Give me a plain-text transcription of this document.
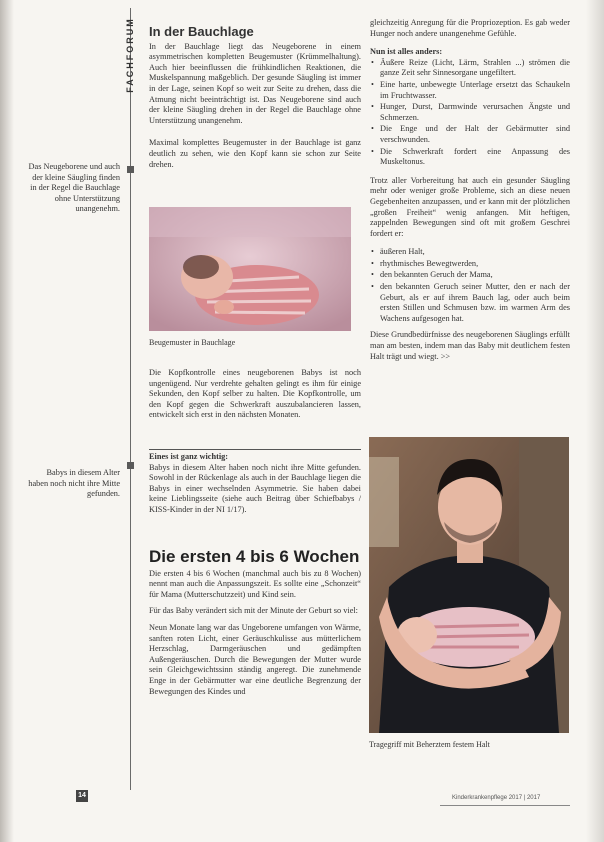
FACHFORUM
Das Neugeborene und auch der kleine Säugling finden in der Regel die Bauchlage ohne Unterstützung unangenehm.
Babys in diesem Alter haben noch nicht ihre Mitte gefunden.
In der Bauchlage

In der Bauchlage liegt das Neugeborene in einem asymmetrischen kompletten Beugemuster (Krümmelhaltung). Auch hier beeinflussen die frühkindlichen Reaktionen, die Muskelspannung maßgeblich. Der gesunde Säugling ist immer in der Lage, seinen Kopf so weit zur Seite zu drehen, dass die Atmung nicht beeinträchtigt ist. Das Neugeborene sind auch der kleine Säugling drehen in der Regel die Bauchlage ohne Unterstützung unangenehm.

Maximal komplettes Beugemuster in der Bauchlage ist ganz deutlich zu sehen, wie den Kopf kann sie schon zur Seite drehen.

Beugemuster in Bauchlage

Die Kopfkontrolle eines neugeborenen Babys ist noch ungenügend. Nur verdrehte gehalten gelingt es ihm für einige Sekunden, den Kopf selber zu halten. Die Kopfkontrolle, um den Kopf gegen die Schwerkraft auszubalancieren lassen, entwickelt sich erst in den nächsten Monaten.

Eines ist ganz wichtig:

Babys in diesem Alter haben noch nicht ihre Mitte gefunden. Sowohl in der Rückenlage als auch in der Bauchlage liegen die Babys in einer wechselnden Asymmetrie. Sie haben dabei keine Lieblingsseite (siehe auch Beitrag über Schiefbabys / KISS-Kinder in der NI 1/17).

Die ersten 4 bis 6 Wochen

Die ersten 4 bis 6 Wochen (manchmal auch bis zu 8 Wochen) nennt man auch die Anpassungszeit. Es sollte eine „Schonzeit“ für Mama (Mutterschutzzeit) und Kind sein.

Für das Baby verändert sich mit der Minute der Geburt so viel:

Neun Monate lang war das Ungeborene umfangen von Wärme, sanften roten Licht, einer Geräuschkulisse aus mütterlichem Herzschlag, Darmgeräuschen und gedämpften Außengeräuschen. Durch die Bewegungen der Mutter wurde sein Gleichgewichtssinn ständig angeregt. Die zunehmende Enge in der Gebärmutter war eine deutliche Begrenzung der Bewegungen des Kindes und

gleichzeitig Anregung für die Propriozeption. Es gab weder Hunger noch andere unangenehme Gefühle.

Nun ist alles anders:
• Äußere Reize (Licht, Lärm, Strahlen ...) strömen die ganze Zeit sehr Sinnesorgane ungefiltert.
• Eine harte, unbewegte Unterlage ersetzt das Schaukeln im Fruchtwasser.
• Hunger, Durst, Darmwinde verursachen Ängste und Schmerzen.
• Die Enge und der Halt der Gebärmutter sind verschwunden.
• Die Schwerkraft fordert eine Anpassung des Muskeltonus.

Trotz aller Vorbereitung hat auch ein gesunder Säugling mehr oder weniger große Probleme, sich an diese neuen Gegebenheiten anzupassen, und er kann mit der plötzlichen „großen Freiheit“ wenig anfangen. Mit heftigen, zappelnden Bewegungen sind oft mit großem Geschrei fordert er:

• äußeren Halt,
• rhythmisches Bewegtwerden,
• den bekannten Geruch der Mama,
• den bekannten Geruch seiner Mutter, den er nach der Geburt, als er auf ihrem Bauch lag, oder auch beim ersten Stillen und Schmusen bzw. im warmen Arm des Wachens aufgesogen hat.

Diese Grundbedürfnisse des neugeborenen Säuglings erfüllt man am besten, indem man das Baby mit deutlichem festen Halt trägt und wiegt. >>

Tragegriff mit Beherztem festem Halt
14	Kinderkrankenpflege 2017 | 2017
